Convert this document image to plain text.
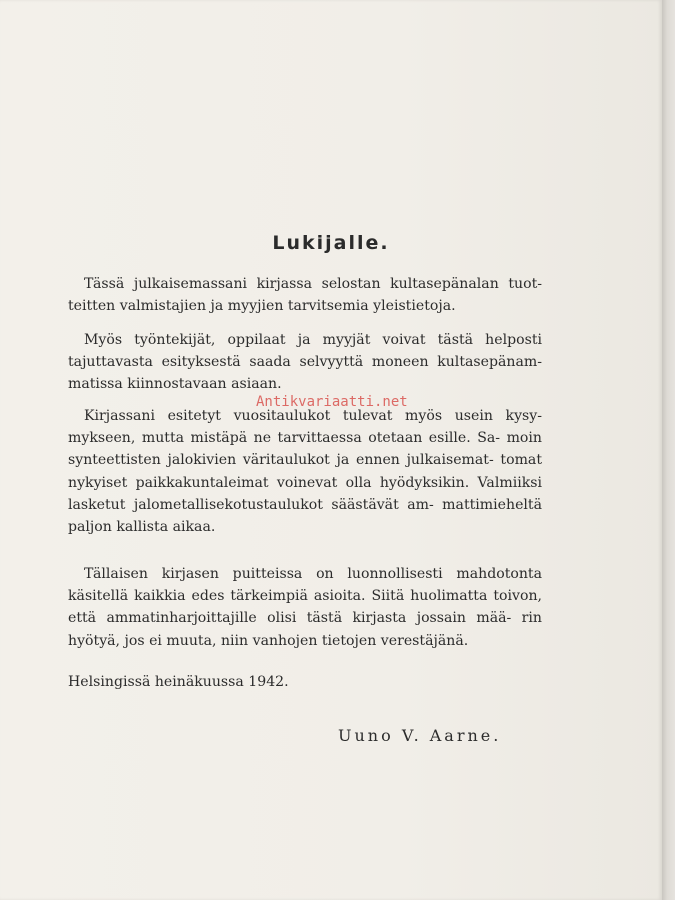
Lukijalle.

Tässä julkaisemassani kirjassa selostan kultasepänalan tuot- teitten valmistajien ja myyjien tarvitsemia yleistietoja.

Myös työntekijät, oppilaat ja myyjät voivat tästä helposti tajuttavasta esityksestä saada selvyyttä moneen kultasepänam- matissa kiinnostavaan asiaan.

Kirjassani esitetyt vuositaulukot tulevat myös usein kysy- mykseen, mutta mistäpä ne tarvittaessa otetaan esille. Sa- moin synteettisten jalokivien väritaulukot ja ennen julkaisemat- tomat nykyiset paikkakuntaleimat voinevat olla hyödyksikin. Valmiiksi lasketut jalometallisekotustaulukot säästävät am- mattimieheltä paljon kallista aikaa.

Tällaisen kirjasen puitteissa on luonnollisesti mahdotonta käsitellä kaikkia edes tärkeimpiä asioita. Siitä huolimatta toivon, että ammatinharjoittajille olisi tästä kirjasta jossain mää- rin hyötyä, jos ei muuta, niin vanhojen tietojen verestäjänä.

Helsingissä heinäkuussa 1942.

Uuno V. Aarne.

Antikvariaatti.net
